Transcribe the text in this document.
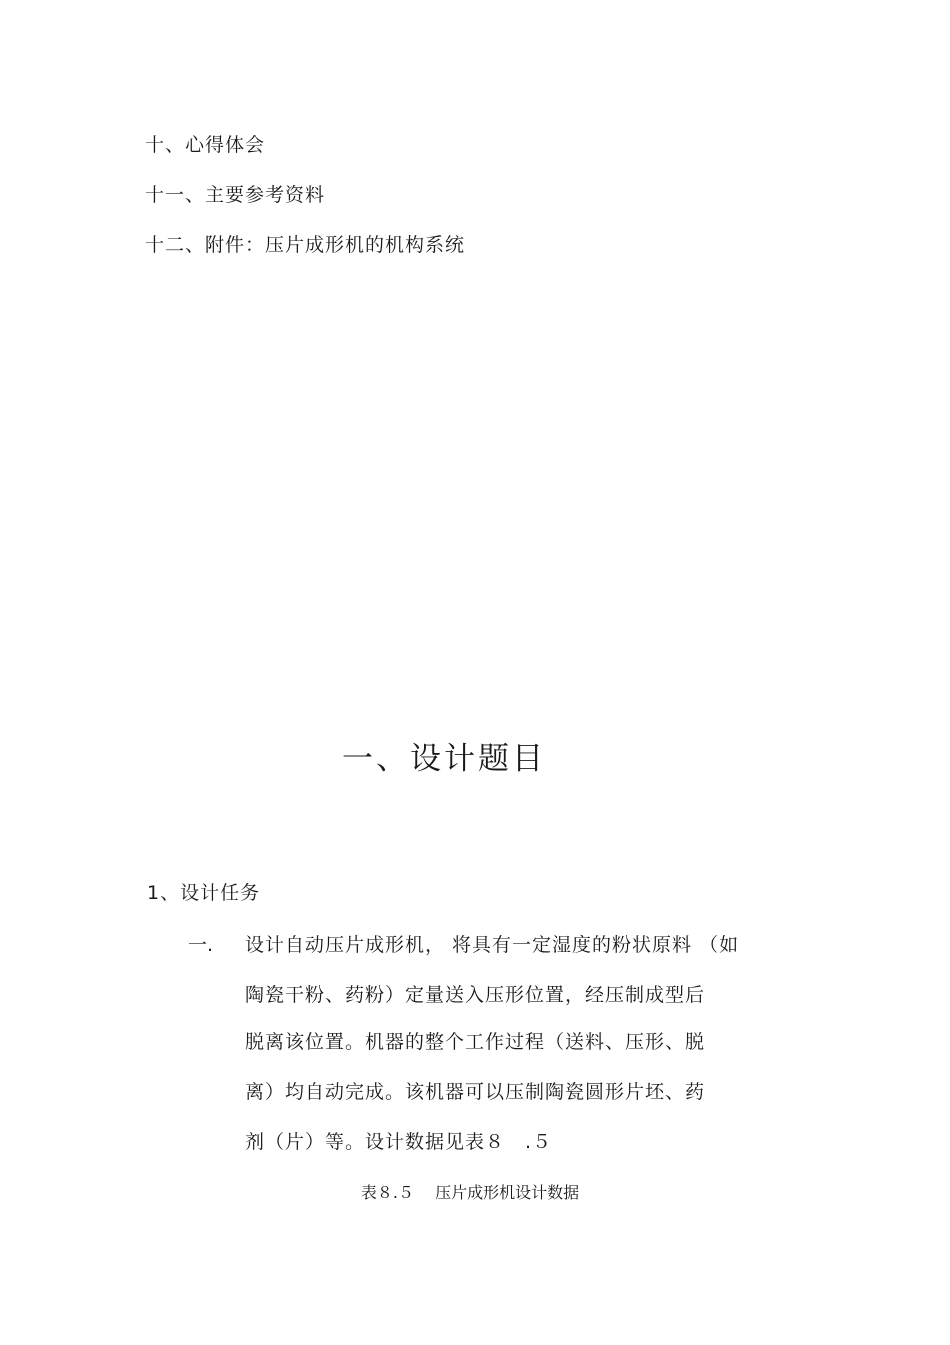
十、心得体会
十一、主要参考资料
十二、附件：压片成形机的机构系统
一、设计题目
1、设计任务
一. 设计自动压片成形机， 将具有一定湿度的粉状原料 （如
陶瓷干粉、药粉）定量送入压形位置，经压制成型后
脱离该位置。机器的整个工作过程（送料、压形、脱
离）均自动完成。该机器可以压制陶瓷圆形片坯、药
剂（片）等。设计数据见表８　.５
表８.５　 压片成形机设计数据
